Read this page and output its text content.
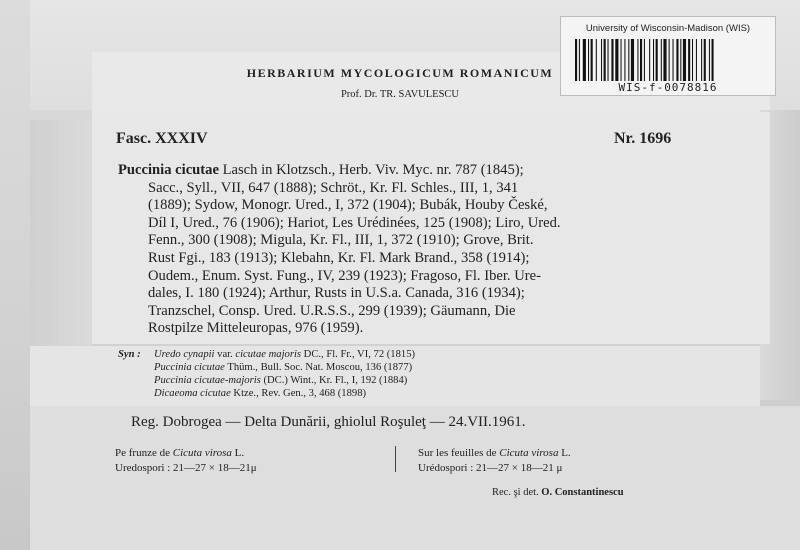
University of Wisconsin-Madison (WIS)
WIS-f-0078816
HERBARIUM MYCOLOGICUM ROMANICUM
Prof. Dr. TR. SAVULESCU
Fasc. XXXIV	Nr. 1696
Puccinia cicutae Lasch in Klotzsch., Herb. Viv. Myc. nr. 787 (1845);
Sacc., Syll., VII, 647 (1888); Schröt., Kr. Fl. Schles., III, 1, 341
(1889); Sydow, Monogr. Ured., I, 372 (1904); Bubák, Houby České,
Díl I, Ured., 76 (1906); Hariot, Les Urédinées, 125 (1908); Liro, Ured.
Fenn., 300 (1908); Migula, Kr. Fl., III, 1, 372 (1910); Grove, Brit.
Rust Fgi., 183 (1913); Klebahn, Kr. Fl. Mark Brand., 358 (1914);
Oudem., Enum. Syst. Fung., IV, 239 (1923); Fragoso, Fl. Iber. Ure-
dales, I. 180 (1924); Arthur, Rusts in U.S.a. Canada, 316 (1934);
Tranzschel, Consp. Ured. U.R.S.S., 299 (1939); Gäumann, Die
Rostpilze Mitteleuropas, 976 (1959).
Syn : Uredo cynapii var. cicutae majoris DC., Fl. Fr., VI, 72 (1815)
Puccinia cicutae Thüm., Bull. Soc. Nat. Moscou, 136 (1877)
Puccinia cicutae-majoris (DC.) Wint., Kr. Fl., I, 192 (1884)
Dicaeoma cicutae Ktze., Rev. Gen., 3, 468 (1898)
Reg. Dobrogea — Delta Dunării, ghiolul Roşuleţ — 24.VII.1961.
Pe frunze de Cicuta virosa L.
Uredospori : 21—27 × 18—21μ
Sur les feuilles de Cicuta virosa L.
Urédospori : 21—27 × 18—21 μ
Rec. şi det. O. Constantinescu
